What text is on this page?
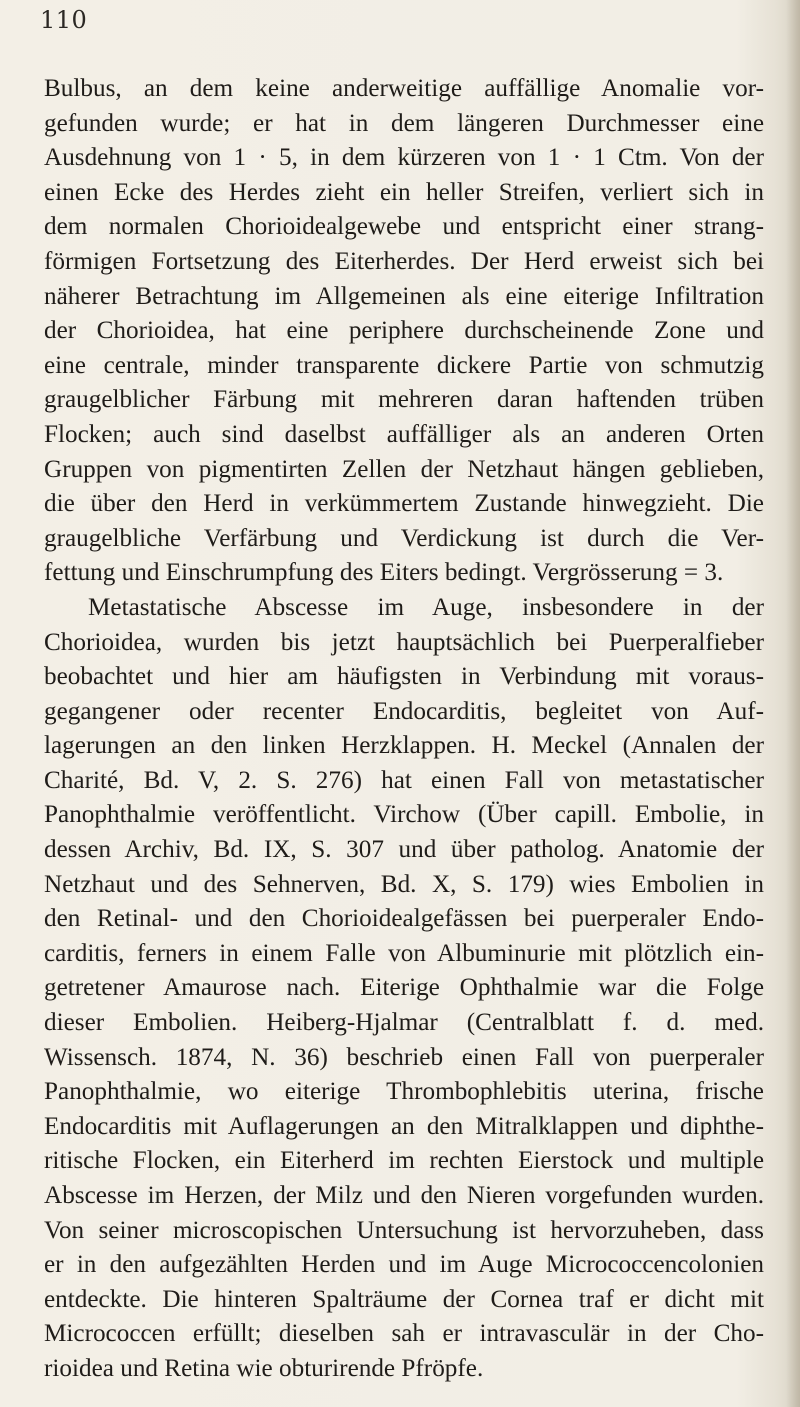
110
Bulbus, an dem keine anderweitige auffällige Anomalie vor-
gefunden wurde; er hat in dem längeren Durchmesser eine
Ausdehnung von 1 · 5, in dem kürzeren von 1 · 1 Ctm. Von der
einen Ecke des Herdes zieht ein heller Streifen, verliert sich in
dem normalen Chorioidealgewebe und entspricht einer strang-
förmigen Fortsetzung des Eiterherdes. Der Herd erweist sich bei
näherer Betrachtung im Allgemeinen als eine eiterige Infiltration
der Chorioidea, hat eine periphere durchscheinende Zone und
eine centrale, minder transparente dickere Partie von schmutzig
graugelblicher Färbung mit mehreren daran haftenden trüben
Flocken; auch sind daselbst auffälliger als an anderen Orten
Gruppen von pigmentirten Zellen der Netzhaut hängen geblieben,
die über den Herd in verkümmertem Zustande hinwegzieht. Die
graugelbliche Verfärbung und Verdickung ist durch die Ver-
fettung und Einschrumpfung des Eiters bedingt. Vergrösserung = 3.
Metastatische Abscesse im Auge, insbesondere in der
Chorioidea, wurden bis jetzt hauptsächlich bei Puerperalfieber
beobachtet und hier am häufigsten in Verbindung mit voraus-
gegangener oder recenter Endocarditis, begleitet von Auf-
lagerungen an den linken Herzklappen. H. Meckel (Annalen der
Charité, Bd. V, 2. S. 276) hat einen Fall von metastatischer
Panophthalmie veröffentlicht. Virchow (Über capill. Embolie, in
dessen Archiv, Bd. IX, S. 307 und über patholog. Anatomie der
Netzhaut und des Sehnerven, Bd. X, S. 179) wies Embolien in
den Retinal- und den Chorioidealgefässen bei puerperaler Endo-
carditis, ferners in einem Falle von Albuminurie mit plötzlich ein-
getretener Amaurose nach. Eiterige Ophthalmie war die Folge
dieser Embolien. Heiberg-Hjalmar (Centralblatt f. d. med.
Wissensch. 1874, N. 36) beschrieb einen Fall von puerperaler
Panophthalmie, wo eiterige Thrombophlebitis uterina, frische
Endocarditis mit Auflagerungen an den Mitralklappen und diphthe-
ritische Flocken, ein Eiterherd im rechten Eierstock und multiple
Abscesse im Herzen, der Milz und den Nieren vorgefunden wurden.
Von seiner microscopischen Untersuchung ist hervorzuheben, dass
er in den aufgezählten Herden und im Auge Micrococcencolonien
entdeckte. Die hinteren Spalträume der Cornea traf er dicht mit
Micrococcen erfüllt; dieselben sah er intravasculär in der Cho-
rioidea und Retina wie obturirende Pfröpfe.
